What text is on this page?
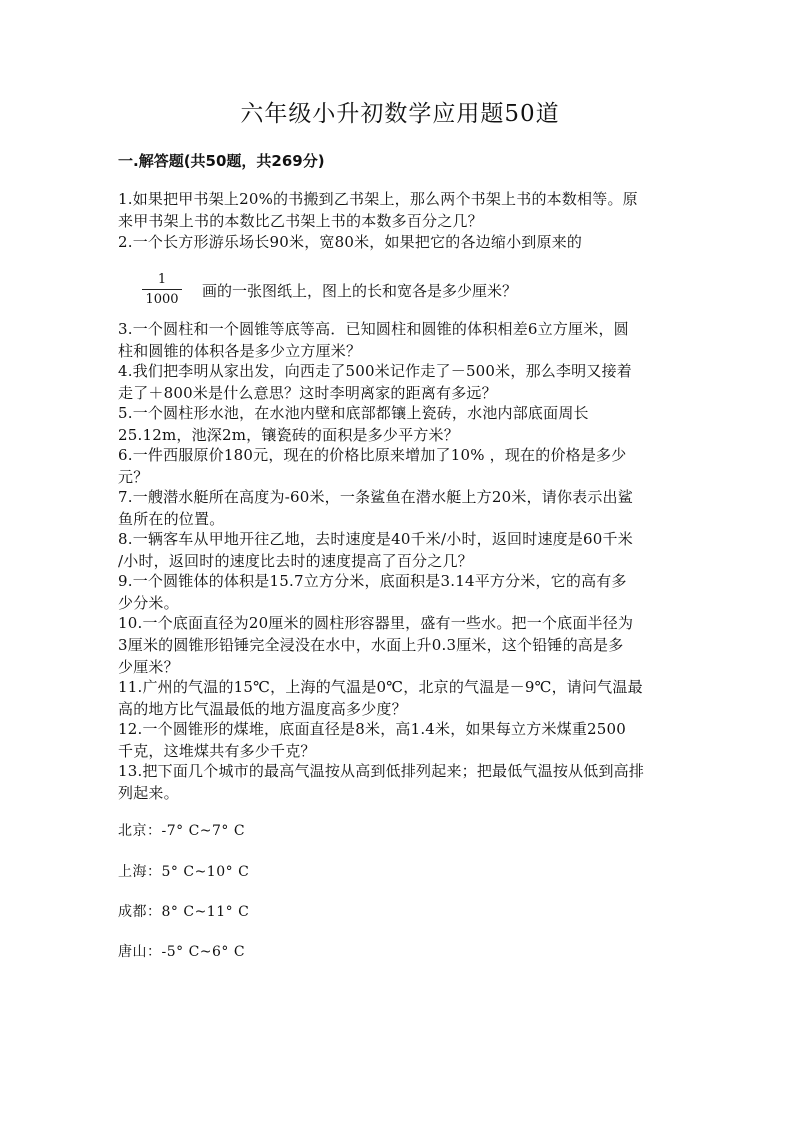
六年级小升初数学应用题50道
一.解答题(共50题，共269分)
1.如果把甲书架上20%的书搬到乙书架上，那么两个书架上书的本数相等。原
来甲书架上书的本数比乙书架上书的本数多百分之几？
2.一个长方形游乐场长90米，宽80米，如果把它的各边缩小到原来的
1
1000 画的一张图纸上，图上的长和宽各是多少厘米？
3.一个圆柱和一个圆锥等底等高．已知圆柱和圆锥的体积相差6立方厘米，圆
柱和圆锥的体积各是多少立方厘米？
4.我们把李明从家出发，向西走了500米记作走了－500米，那么李明又接着
走了＋800米是什么意思？这时李明离家的距离有多远？
5.一个圆柱形水池，在水池内壁和底部都镶上瓷砖，水池内部底面周长
25.12m，池深2m，镶瓷砖的面积是多少平方米？
6.一件西服原价180元，现在的价格比原来增加了10% ，现在的价格是多少
元？
7.一艘潜水艇所在高度为-60米，一条鲨鱼在潜水艇上方20米，请你表示出鲨
鱼所在的位置。
8.一辆客车从甲地开往乙地，去时速度是40千米/小时，返回时速度是60千米
/小时，返回时的速度比去时的速度提高了百分之几？
9.一个圆锥体的体积是15.7立方分米，底面积是3.14平方分米，它的高有多
少分米。
10.一个底面直径为20厘米的圆柱形容器里，盛有一些水。把一个底面半径为
3厘米的圆锥形铅锤完全浸没在水中，水面上升0.3厘米，这个铅锤的高是多
少厘米？
11.广州的气温的15℃，上海的气温是0℃，北京的气温是－9℃，请问气温最
高的地方比气温最低的地方温度高多少度？
12.一个圆锥形的煤堆，底面直径是8米，高1.4米，如果每立方米煤重2500
千克，这堆煤共有多少千克？
13.把下面几个城市的最高气温按从高到低排列起来；把最低气温按从低到高排
列起来。
北京：-7° C~7° C
上海：5° C~10° C
成都：8° C~11° C
唐山：-5° C~6° C
